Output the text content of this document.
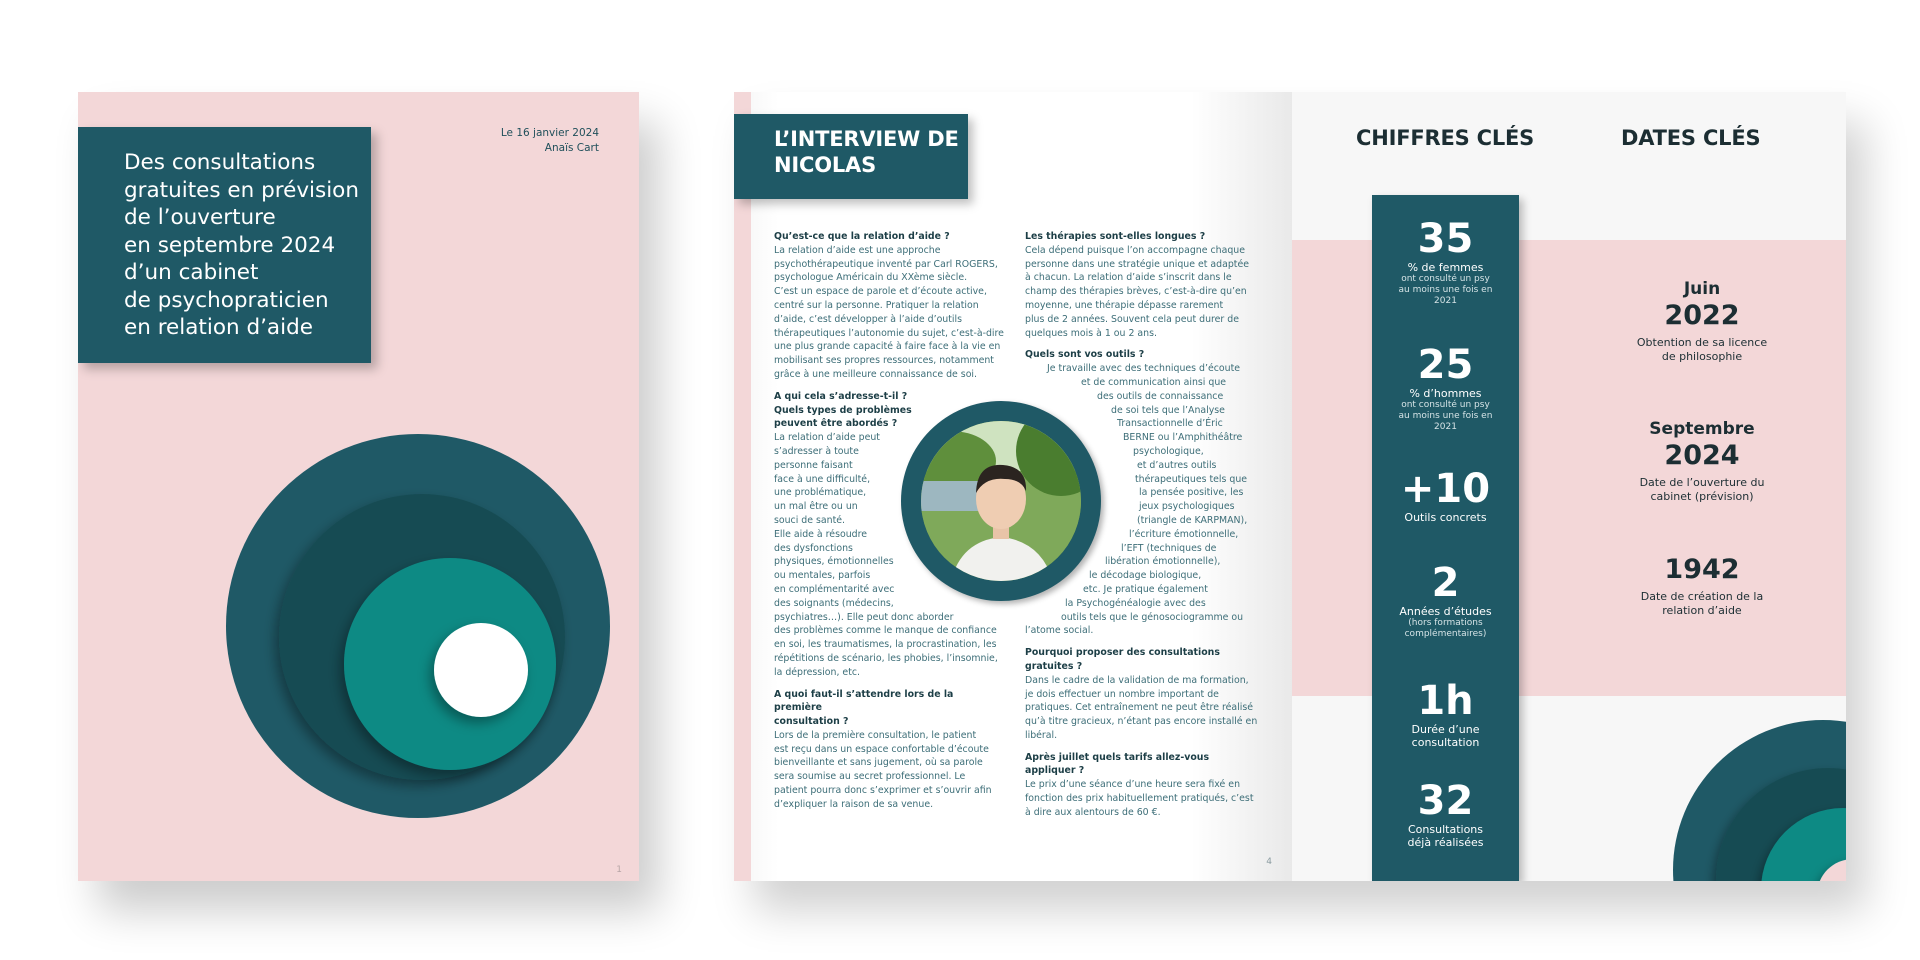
Des consultations
gratuites en prévision
de l’ouverture
en septembre 2024
d’un cabinet
de psychopraticien
en relation d’aide
Le 16 janvier 2024
Anaïs Cart
1
L’INTERVIEW DE
NICOLAS

Qu’est-ce que la relation d’aide ?
La relation d’aide est une approche
psychothérapeutique inventé par Carl ROGERS,
psychologue Américain du XXème siècle.
C’est un espace de parole et d’écoute active,
centré sur la personne. Pratiquer la relation
d’aide, c’est développer à l’aide d’outils
thérapeutiques l’autonomie du sujet, c’est-à-dire
une plus grande capacité à faire face à la vie en
mobilisant ses propres ressources, notamment
grâce à une meilleure connaissance de soi.

A qui cela s’adresse-t-il ?
Quels types de problèmes
peuvent être abordés ?
La relation d’aide peut
s’adresser à toute
personne faisant
face à une difficulté,
une problématique,
un mal être ou un
souci de santé.
Elle aide à résoudre
des dysfonctions
physiques, émotionnelles
ou mentales, parfois
en complémentarité avec
des soignants (médecins,
psychiatres…). Elle peut donc aborder
des problèmes comme le manque de confiance
en soi, les traumatismes, la procrastination, les
répétitions de scénario, les phobies, l’insomnie,
la dépression, etc.

A quoi faut-il s’attendre lors de la première
consultation ?
Lors de la première consultation, le patient
est reçu dans un espace confortable d’écoute
bienveillante et sans jugement, où sa parole
sera soumise au secret professionnel. Le
patient pourra donc s’exprimer et s’ouvrir afin
d’expliquer la raison de sa venue.

Les thérapies sont-elles longues ?
Cela dépend puisque l’on accompagne chaque
personne dans une stratégie unique et adaptée
à chacun. La relation d’aide s’inscrit dans le
champ des thérapies brèves, c’est-à-dire qu’en
moyenne, une thérapie dépasse rarement
plus de 2 années. Souvent cela peut durer de
quelques mois à 1 ou 2 ans.

Quels sont vos outils ?
Je travaille avec des techniques d’écoute
et de communication ainsi que
des outils de connaissance
de soi tels que l’Analyse
Transactionnelle d’Éric
BERNE ou l’Amphithéâtre
psychologique,
et d’autres outils
thérapeutiques tels que
la pensée positive, les
jeux psychologiques
(triangle de KARPMAN),
l’écriture émotionnelle,
l’EFT (techniques de
libération émotionnelle),
le décodage biologique,
etc. Je pratique également
la Psychogénéalogie avec des
outils tels que le génosociogramme ou
l’atome social.

Pourquoi proposer des consultations
gratuites ?
Dans le cadre de la validation de ma formation,
je dois effectuer un nombre important de
pratiques. Cet entraînement ne peut être réalisé
qu’à titre gracieux, n’étant pas encore installé en
libéral.

Après juillet quels tarifs allez-vous appliquer ?
Le prix d’une séance d’une heure sera fixé en
fonction des prix habituellement pratiqués, c’est
à dire aux alentours de 60 €.

4
CHIFFRES CLÉS	DATES CLÉS
35
% de femmes
ont consulté un psy
au moins une fois en
2021
25
% d’hommes
ont consulté un psy
au moins une fois en
2021
+10
Outils concrets
2
Années d’études
(hors formations
complémentaires)
1h
Durée d’une
consultation
32
Consultations
déjà réalisées
Juin
2022
Obtention de sa licence
de philosophie
Septembre
2024
Date de l’ouverture du
cabinet (prévision)
1942
Date de création de la
relation d’aide
